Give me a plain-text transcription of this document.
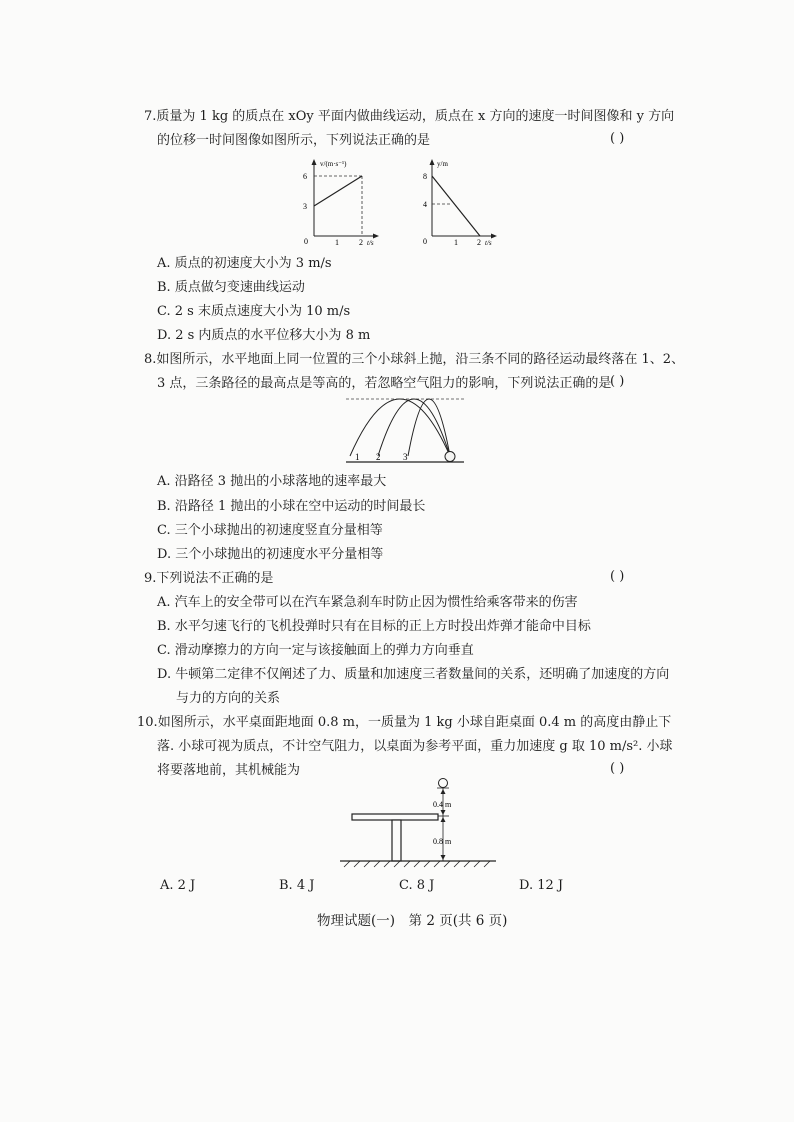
7.质量为 1 kg 的质点在 xOy 平面内做曲线运动，质点在 x 方向的速度一时间图像和 y 方向
的位移一时间图像如图所示，下列说法正确的是	( )
v/(m·s⁻¹)
6
3
0	1	2 t/s
y/m
8
4
0	1 2 t/s
A. 质点的初速度大小为 3 m/s
B. 质点做匀变速曲线运动
C. 2 s 末质点速度大小为 10 m/s
D. 2 s 内质点的水平位移大小为 8 m
8.如图所示，水平地面上同一位置的三个小球斜上抛，沿三条不同的路径运动最终落在 1、2、
3 点，三条路径的最高点是等高的，若忽略空气阻力的影响，下列说法正确的是
( )
1 2	3
A. 沿路径 3 抛出的小球落地的速率最大
B. 沿路径 1 抛出的小球在空中运动的时间最长
C. 三个小球抛出的初速度竖直分量相等
D. 三个小球抛出的初速度水平分量相等
9.下列说法不正确的是	( )
A. 汽车上的安全带可以在汽车紧急刹车时防止因为惯性给乘客带来的伤害
B. 水平匀速飞行的飞机投弹时只有在目标的正上方时投出炸弹才能命中目标
C. 滑动摩擦力的方向一定与该接触面上的弹力方向垂直
D. 牛顿第二定律不仅阐述了力、质量和加速度三者数量间的关系，还明确了加速度的方向
与力的方向的关系
10.如图所示，水平桌面距地面 0.8 m，一质量为 1 kg 小球自距桌面 0.4 m 的高度由静止下
落. 小球可视为质点，不计空气阻力，以桌面为参考平面，重力加速度 g 取 10 m/s². 小球
将要落地前，其机械能为	( )
0.4 m
0.8 m
A. 2 J	B. 4 J	C. 8 J	D. 12 J
物理试题(一)　第 2 页(共 6 页)
